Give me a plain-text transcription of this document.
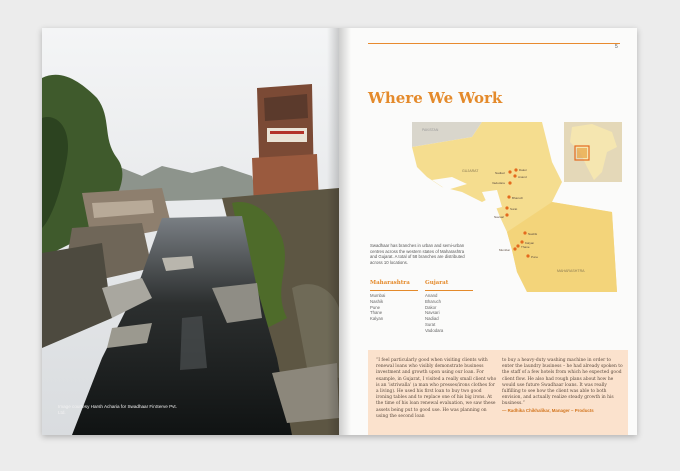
Image courtesy Harsh Acharia for Swadhaar FinServe Pvt. Ltd.
5
Where We Work
PAKISTAN
GUJARAT
MAHARASHTRA
Nadiad
Dakor
Anand
Vadodara
Bharuch
Surat
Navsari
Nashik
Kalyan
Thane
Mumbai
Pune
Swadhaar has branches in urban and semi-urban centres across the western states of Maharashtra and Gujarat. A total of 58 branches are distributed across 10 locations.
Maharashtra
Mumbai
Nashik
Pune
Thane
Kalyan
Gujarat
Anand
Bharuch
Dakor
Navsari
Nadiad
Surat
Vadodara
“I feel particularly good when visiting clients with renewal loans who visibly demonstrate business investment and growth upon using our loan. For example, in Gujarat, I visited a really small client who is an ‘istriwalla’ (a man who presses/irons clothes for a living). He used his first loan to buy two good ironing tables and to replace one of his big irons. At the time of his loan renewal evaluation, we saw these assets being put to good use. He was planning on using the second loan
to buy a heavy-duty washing machine in order to enter the laundry business – he had already spoken to the staff of a few hotels from which he expected good client flow. He also had rough plans about how he would use future Swadhaar loans. It was really fulfilling to see how the client was able to both envision, and actually realize steady growth in his business.”
— Radhika Chikhalikar, Manager – Products
